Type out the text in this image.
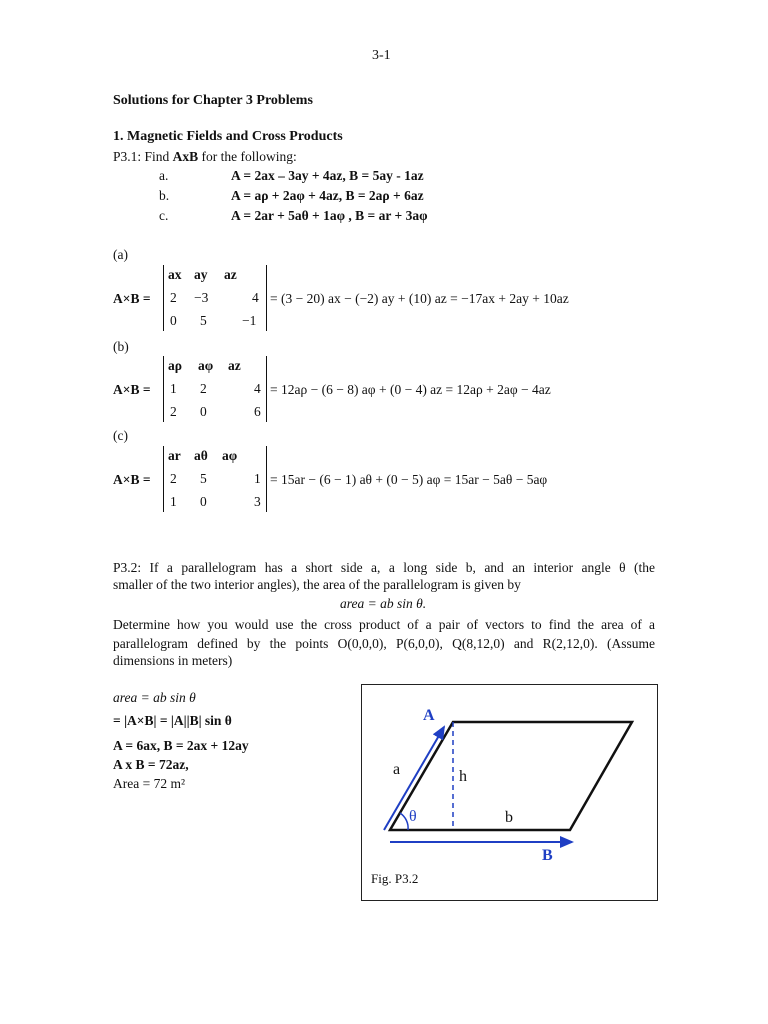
3-1
Solutions for Chapter 3 Problems
1. Magnetic Fields and Cross Products
P3.1: Find AxB for the following:
a.	A = 2ax – 3ay + 4az, B = 5ay - 1az
b.	A = aρ + 2aφ + 4az, B = 2aρ + 6az
c.	A = 2ar + 5aθ + 1aφ , B = ar + 3aφ
(a)
A×B =
ax ay az
2 −3	4
0 5	−1
= (3 − 20) ax − (−2) ay + (10) az = −17ax + 2ay + 10az
(b)
A×B =
aρ aφ az
1 2	4
2 0	6
= 12aρ − (6 − 8) aφ + (0 − 4) az = 12aρ + 2aφ − 4az
(c)
A×B =
ar aθ aφ
2 5	1
1 0	3
= 15ar − (6 − 1) aθ + (0 − 5) aφ = 15ar − 5aθ − 5aφ
P3.2: If a parallelogram has a short side a, a long side b, and an interior angle θ (the
smaller of the two interior angles), the area of the parallelogram is given by
area = ab sin θ.
Determine how you would use the cross product of a pair of vectors to find the area of a
parallelogram defined by the points O(0,0,0), P(6,0,0), Q(8,12,0) and R(2,12,0). (Assume
dimensions in meters)
area = ab sin θ
= |A×B| = |A||B| sin θ
A = 6ax, B = 2ax + 12ay
A x B = 72az,
Area = 72 m²
A
a	h
θ	b
B
Fig. P3.2
